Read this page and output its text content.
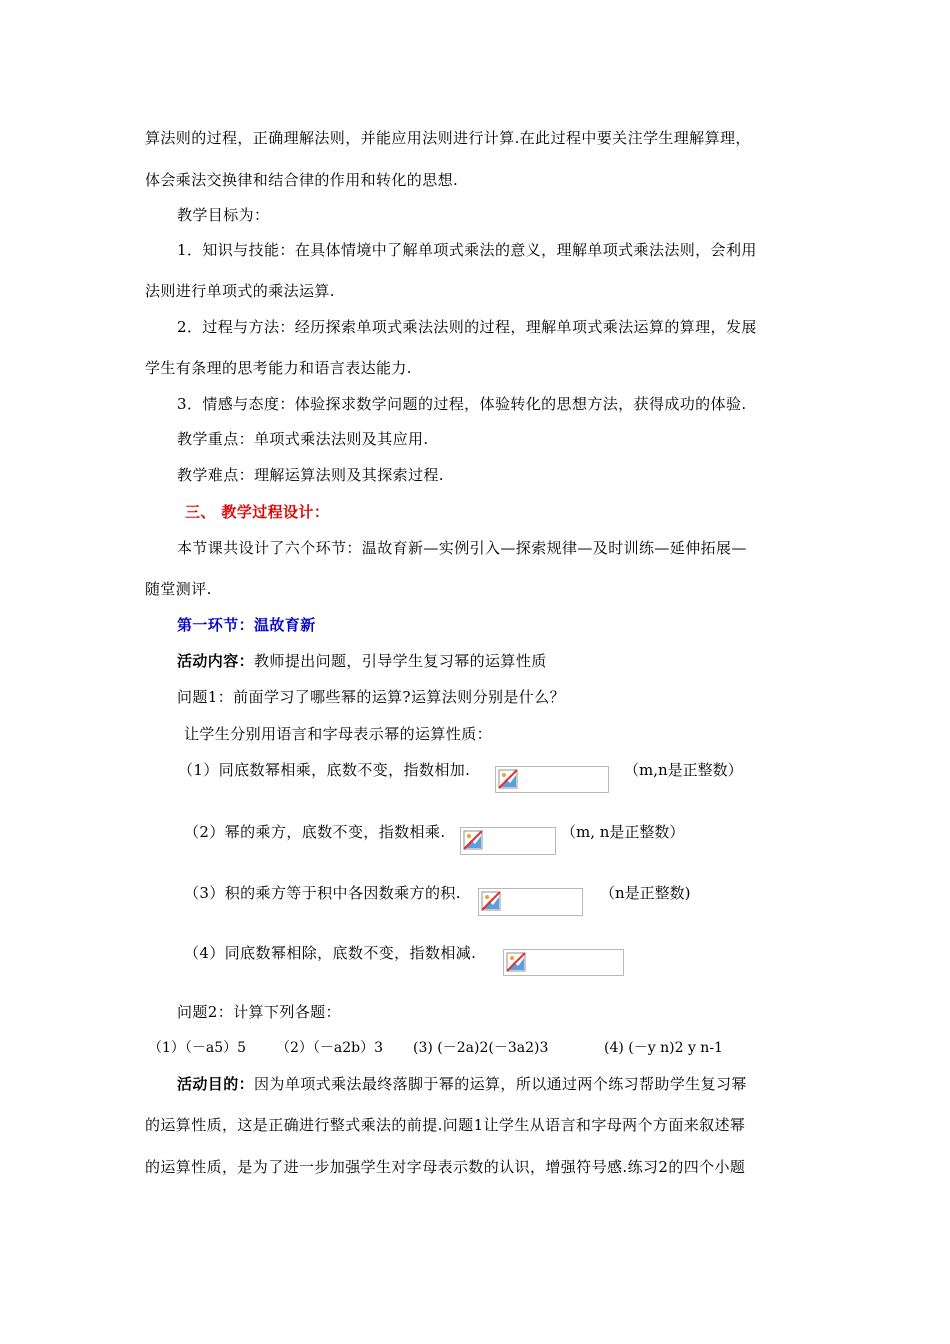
算法则的过程，正确理解法则，并能应用法则进行计算.在此过程中要关注学生理解算理，
体会乘法交换律和结合律的作用和转化的思想.
教学目标为：
1．知识与技能：在具体情境中了解单项式乘法的意义，理解单项式乘法法则，会利用
法则进行单项式的乘法运算.
2．过程与方法：经历探索单项式乘法法则的过程，理解单项式乘法运算的算理，发展
学生有条理的思考能力和语言表达能力.
3．情感与态度：体验探求数学问题的过程，体验转化的思想方法，获得成功的体验.
教学重点：单项式乘法法则及其应用.
教学难点：理解运算法则及其探索过程.
三、 教学过程设计：
本节课共设计了六个环节：温故育新—实例引入—探索规律—及时训练—延伸拓展—
随堂测评.
第一环节：温故育新
活动内容：教师提出问题，引导学生复习幂的运算性质
问题1：前面学习了哪些幂的运算?运算法则分别是什么？
让学生分别用语言和字母表示幂的运算性质：
（1）同底数幂相乘，底数不变，指数相加.	（m,n是正整数）
（2）幂的乘方，底数不变，指数相乘.	（m, n是正整数）
（3）积的乘方等于积中各因数乘方的积.	（n是正整数)
（4）同底数幂相除，底数不变，指数相减.
问题2：计算下列各题：
（1）（－a5）5 （2）（－a2b）3 (3) (－2a)2(－3a2)3	(4) (－y n)2 y n-1
活动目的：因为单项式乘法最终落脚于幂的运算，所以通过两个练习帮助学生复习幂
的运算性质，这是正确进行整式乘法的前提.问题1让学生从语言和字母两个方面来叙述幂
的运算性质，是为了进一步加强学生对字母表示数的认识，增强符号感.练习2的四个小题
